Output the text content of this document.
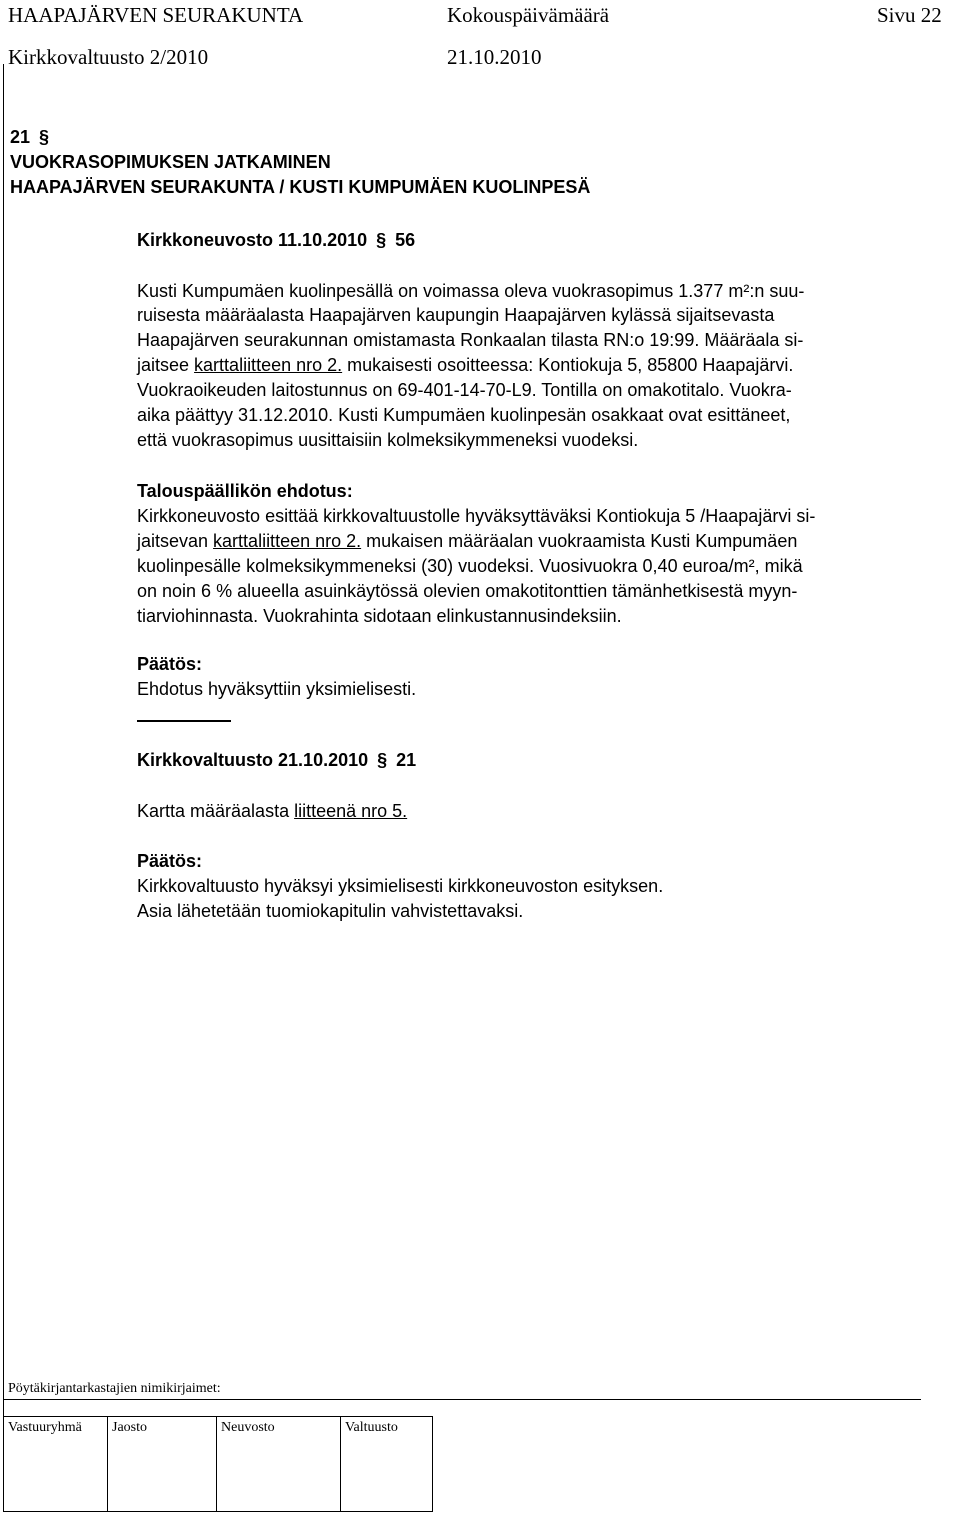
HAAPAJÄRVEN SEURAKUNTA	Kokouspäivämäärä	Sivu 22
Kirkkovaltuusto 2/2010	21.10.2010
21 §
VUOKRASOPIMUKSEN JATKAMINEN
HAAPAJÄRVEN SEURAKUNTA / KUSTI KUMPUMÄEN KUOLINPESÄ
Kirkkoneuvosto 11.10.2010 § 56
Kusti Kumpumäen kuolinpesällä on voimassa oleva vuokrasopimus 1.377 m²:n suu-
ruisesta määräalasta Haapajärven kaupungin Haapajärven kylässä sijaitsevasta
Haapajärven seurakunnan omistamasta Ronkaalan tilasta RN:o 19:99. Määräala si-
jaitsee karttaliitteen nro 2. mukaisesti osoitteessa: Kontiokuja 5, 85800 Haapajärvi.
Vuokraoikeuden laitostunnus on 69-401-14-70-L9. Tontilla on omakotitalo. Vuokra-
aika päättyy 31.12.2010. Kusti Kumpumäen kuolinpesän osakkaat ovat esittäneet,
että vuokrasopimus uusittaisiin kolmeksikymmeneksi vuodeksi.
Talouspäällikön ehdotus:
Kirkkoneuvosto esittää kirkkovaltuustolle hyväksyttäväksi Kontiokuja 5 /Haapajärvi si-
jaitsevan karttaliitteen nro 2. mukaisen määräalan vuokraamista Kusti Kumpumäen
kuolinpesälle kolmeksikymmeneksi (30) vuodeksi. Vuosivuokra 0,40 euroa/m², mikä
on noin 6 % alueella asuinkäytössä olevien omakotitonttien tämänhetkisestä myyn-
tiarviohinnasta. Vuokrahinta sidotaan elinkustannusindeksiin.
Päätös:
Ehdotus hyväksyttiin yksimielisesti.
Kirkkovaltuusto 21.10.2010 § 21
Kartta määräalasta liitteenä nro 5.
Päätös:
Kirkkovaltuusto hyväksyi yksimielisesti kirkkoneuvoston esityksen.
Asia lähetetään tuomiokapitulin vahvistettavaksi.
Pöytäkirjantarkastajien nimikirjaimet:
Vastuuryhmä	Jaosto	Neuvosto	Valtuusto
